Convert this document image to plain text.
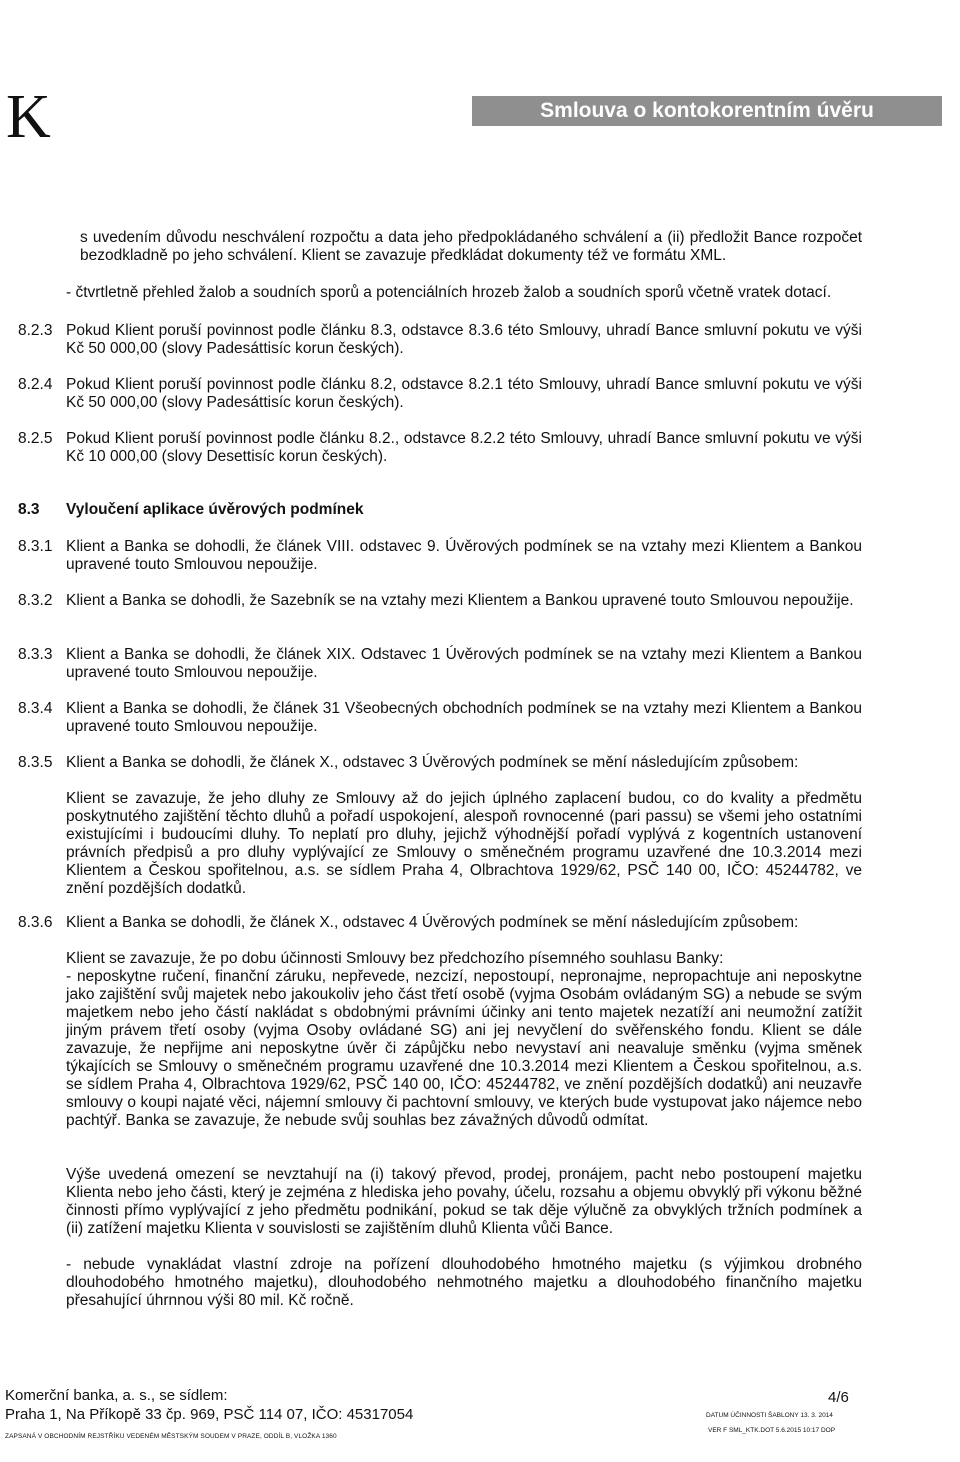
K	Smlouva o kontokorentním úvěru

s uvedením důvodu neschválení rozpočtu a data jeho předpokládaného schválení a (ii) předložit Bance rozpočet bezodkladně po jeho schválení. Klient se zavazuje předkládat dokumenty též ve formátu XML.

- čtvrtletně přehled žalob a soudních sporů a potenciálních hrozeb žalob a soudních sporů včetně vratek dotací.

8.2.3 Pokud Klient poruší povinnost podle článku 8.3, odstavce 8.3.6 této Smlouvy, uhradí Bance smluvní pokutu ve výši Kč 50 000,00 (slovy Padesáttisíc korun českých).

8.2.4 Pokud Klient poruší povinnost podle článku 8.2, odstavce 8.2.1 této Smlouvy, uhradí Bance smluvní pokutu ve výši Kč 50 000,00 (slovy Padesáttisíc korun českých).

8.2.5 Pokud Klient poruší povinnost podle článku 8.2., odstavce 8.2.2 této Smlouvy, uhradí Bance smluvní pokutu ve výši Kč 10 000,00 (slovy Desettisíc korun českých).

8.3 Vyloučení aplikace úvěrových podmínek

8.3.1 Klient a Banka se dohodli, že článek VIII. odstavec 9. Úvěrových podmínek se na vztahy mezi Klientem a Bankou upravené touto Smlouvou nepoužije.

8.3.2 Klient a Banka se dohodli, že Sazebník se na vztahy mezi Klientem a Bankou upravené touto Smlouvou nepoužije.

8.3.3 Klient a Banka se dohodli, že článek XIX. Odstavec 1 Úvěrových podmínek se na vztahy mezi Klientem a Bankou upravené touto Smlouvou nepoužije.

8.3.4 Klient a Banka se dohodli, že článek 31 Všeobecných obchodních podmínek se na vztahy mezi Klientem a Bankou upravené touto Smlouvou nepoužije.

8.3.5 Klient a Banka se dohodli, že článek X., odstavec 3 Úvěrových podmínek se mění následujícím způsobem:

Klient se zavazuje, že jeho dluhy ze Smlouvy až do jejich úplného zaplacení budou, co do kvality a předmětu poskytnutého zajištění těchto dluhů a pořadí uspokojení, alespoň rovnocenné (pari passu) se všemi jeho ostatními existujícími i budoucími dluhy. To neplatí pro dluhy, jejichž výhodnější pořadí vyplývá z kogentních ustanovení právních předpisů a pro dluhy vyplývající ze Smlouvy o směnečném programu uzavřené dne 10.3.2014 mezi Klientem a Českou spořitelnou, a.s. se sídlem Praha 4, Olbrachtova 1929/62, PSČ 140 00, IČO: 45244782, ve znění pozdějších dodatků.

8.3.6 Klient a Banka se dohodli, že článek X., odstavec 4 Úvěrových podmínek se mění následujícím způsobem:

Klient se zavazuje, že po dobu účinnosti Smlouvy bez předchozího písemného souhlasu Banky:

- neposkytne ručení, finanční záruku, nepřevede, nezcizí, nepostoupí, nepronajme, nepropachtuje ani neposkytne jako zajištění svůj majetek nebo jakoukoliv jeho část třetí osobě (vyjma Osobám ovládaným SG) a nebude se svým majetkem nebo jeho částí nakládat s obdobnými právními účinky ani tento majetek nezatíží ani neumožní zatížit jiným právem třetí osoby (vyjma Osoby ovládané SG) ani jej nevyčlení do svěřenského fondu. Klient se dále zavazuje, že nepřijme ani neposkytne úvěr či zápůjčku nebo nevystaví ani neavaluje směnku (vyjma směnek týkajících se Smlouvy o směnečném programu uzavřené dne 10.3.2014 mezi Klientem a Českou spořitelnou, a.s. se sídlem Praha 4, Olbrachtova 1929/62, PSČ 140 00, IČO: 45244782, ve znění pozdějších dodatků) ani neuzavře smlouvy o koupi najaté věci, nájemní smlouvy či pachtovní smlouvy, ve kterých bude vystupovat jako nájemce nebo pachtýř. Banka se zavazuje, že nebude svůj souhlas bez závažných důvodů odmítat.

Výše uvedená omezení se nevztahují na (i) takový převod, prodej, pronájem, pacht nebo postoupení majetku Klienta nebo jeho části, který je zejména z hlediska jeho povahy, účelu, rozsahu a objemu obvyklý při výkonu běžné činnosti přímo vyplývající z jeho předmětu podnikání, pokud se tak děje výlučně za obvyklých tržních podmínek a (ii) zatížení majetku Klienta v souvislosti se zajištěním dluhů Klienta vůči Bance.

- nebude vynakládat vlastní zdroje na pořízení dlouhodobého hmotného majetku (s výjimkou drobného dlouhodobého hmotného majetku), dlouhodobého nehmotného majetku a dlouhodobého finančního majetku přesahující úhrnnou výši 80 mil. Kč ročně.

Komerční banka, a. s., se sídlem:
Praha 1, Na Příkopě 33 čp. 969, PSČ 114 07, IČO: 45317054
ZAPSANÁ V OBCHODNÍM REJSTŘÍKU VEDENÉM MĚSTSKÝM SOUDEM V PRAZE, ODDÍL B, VLOŽKA 1360
4/6
DATUM ÚČINNOSTI ŠABLONY 13. 3. 2014
VER F SML_KTK.DOT 5.6.2015 10:17 DOP
